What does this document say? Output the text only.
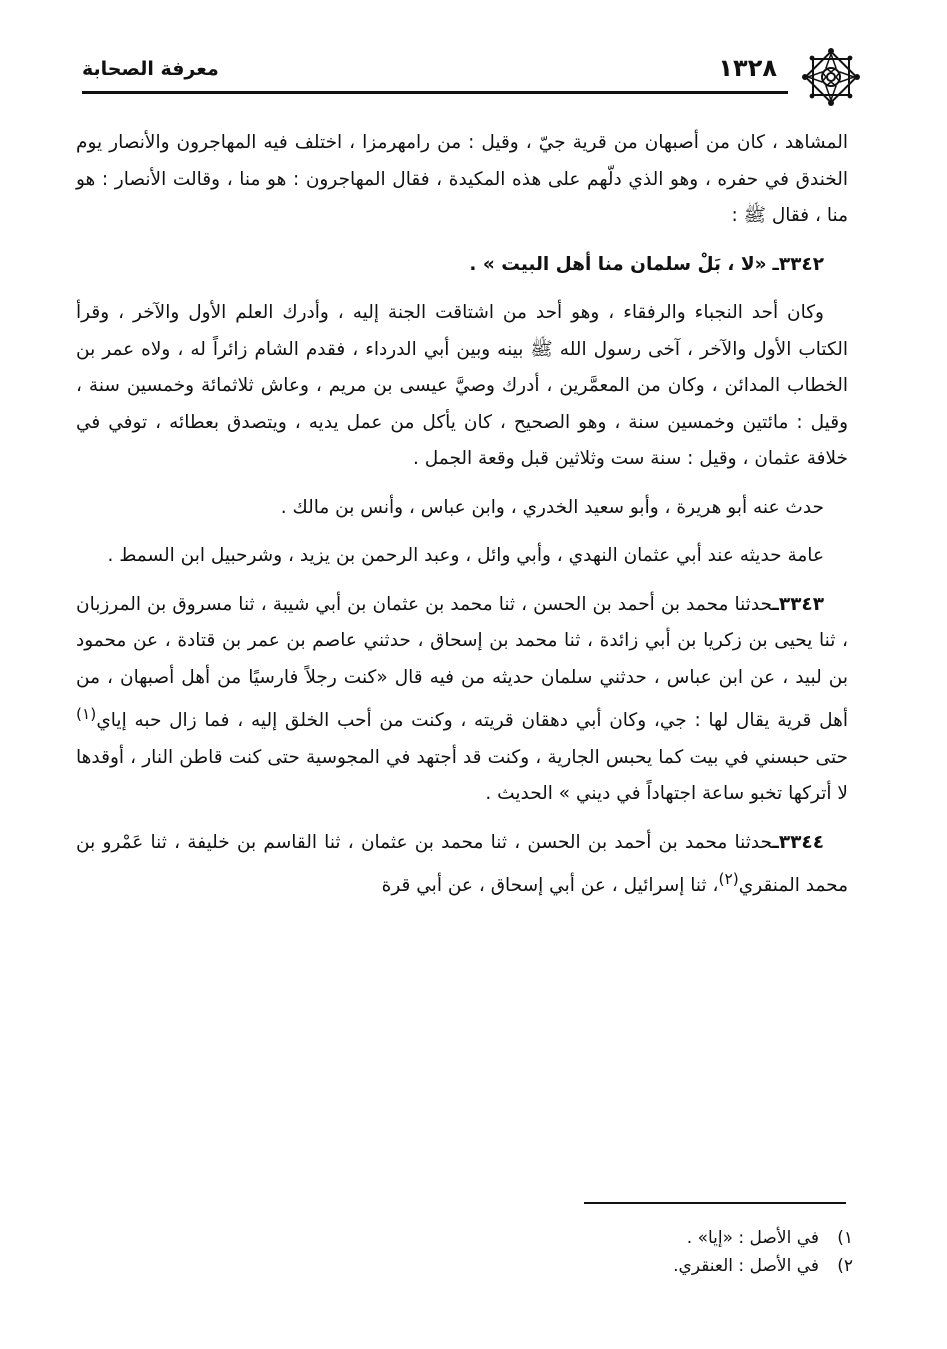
معرفة الصحابة	١٣٢٨

المشاهد ، كان من أصبهان من قرية جيّ ، وقيل : من رامهرمزا ، اختلف فيه المهاجرون والأنصار يوم الخندق في حفره ، وهو الذي دلّهم على هذه المكيدة ، فقال المهاجرون : هو منا ، وقالت الأنصار : هو منا ، فقال ﷺ :

٣٣٤٢ـ «لا ، بَلْ سلمان منا أهل البيت » .

وكان أحد النجباء والرفقاء ، وهو أحد من اشتاقت الجنة إليه ، وأدرك العلم الأول والآخر ، وقرأ الكتاب الأول والآخر ، آخى رسول الله ﷺ بينه وبين أبي الدرداء ، فقدم الشام زائراً له ، ولاه عمر بن الخطاب المدائن ، وكان من المعمَّرين ، أدرك وصيَّ عيسى بن مريم ، وعاش ثلاثمائة وخمسين سنة ، وقيل : مائتين وخمسين سنة ، وهو الصحيح ، كان يأكل من عمل يديه ، ويتصدق بعطائه ، توفي في خلافة عثمان ، وقيل : سنة ست وثلاثين قبل وقعة الجمل .

حدث عنه أبو هريرة ، وأبو سعيد الخدري ، وابن عباس ، وأنس بن مالك .

عامة حديثه عند أبي عثمان النهدي ، وأبي وائل ، وعبد الرحمن بن يزيد ، وشرحبيل ابن السمط .

٣٣٤٣ـحدثنا محمد بن أحمد بن الحسن ، ثنا محمد بن عثمان بن أبي شيبة ، ثنا مسروق بن المرزبان ، ثنا يحيى بن زكريا بن أبي زائدة ، ثنا محمد بن إسحاق ، حدثني عاصم بن عمر بن قتادة ، عن محمود بن لبيد ، عن ابن عباس ، حدثني سلمان حديثه من فيه قال «كنت رجلاً فارسيًا من أهل أصبهان ، من أهل قرية يقال لها : جي، وكان أبي دهقان قريته ، وكنت من أحب الخلق إليه ، فما زال حبه إياي$^{(١)}$ حتى حبسني في بيت كما يحبس الجارية ، وكنت قد أجتهد في المجوسية حتى كنت قاطن النار ، أوقدها لا أتركها تخبو ساعة اجتهاداً في ديني » الحديث .

٣٣٤٤ـحدثنا محمد بن أحمد بن الحسن ، ثنا محمد بن عثمان ، ثنا القاسم بن خليفة ، ثنا عَمْرو بن محمد المنقري$^{(٢)}$، ثنا إسرائيل ، عن أبي إسحاق ، عن أبي قرة

١)في الأصل : «إيا» .
٢)في الأصل : العنقري.
